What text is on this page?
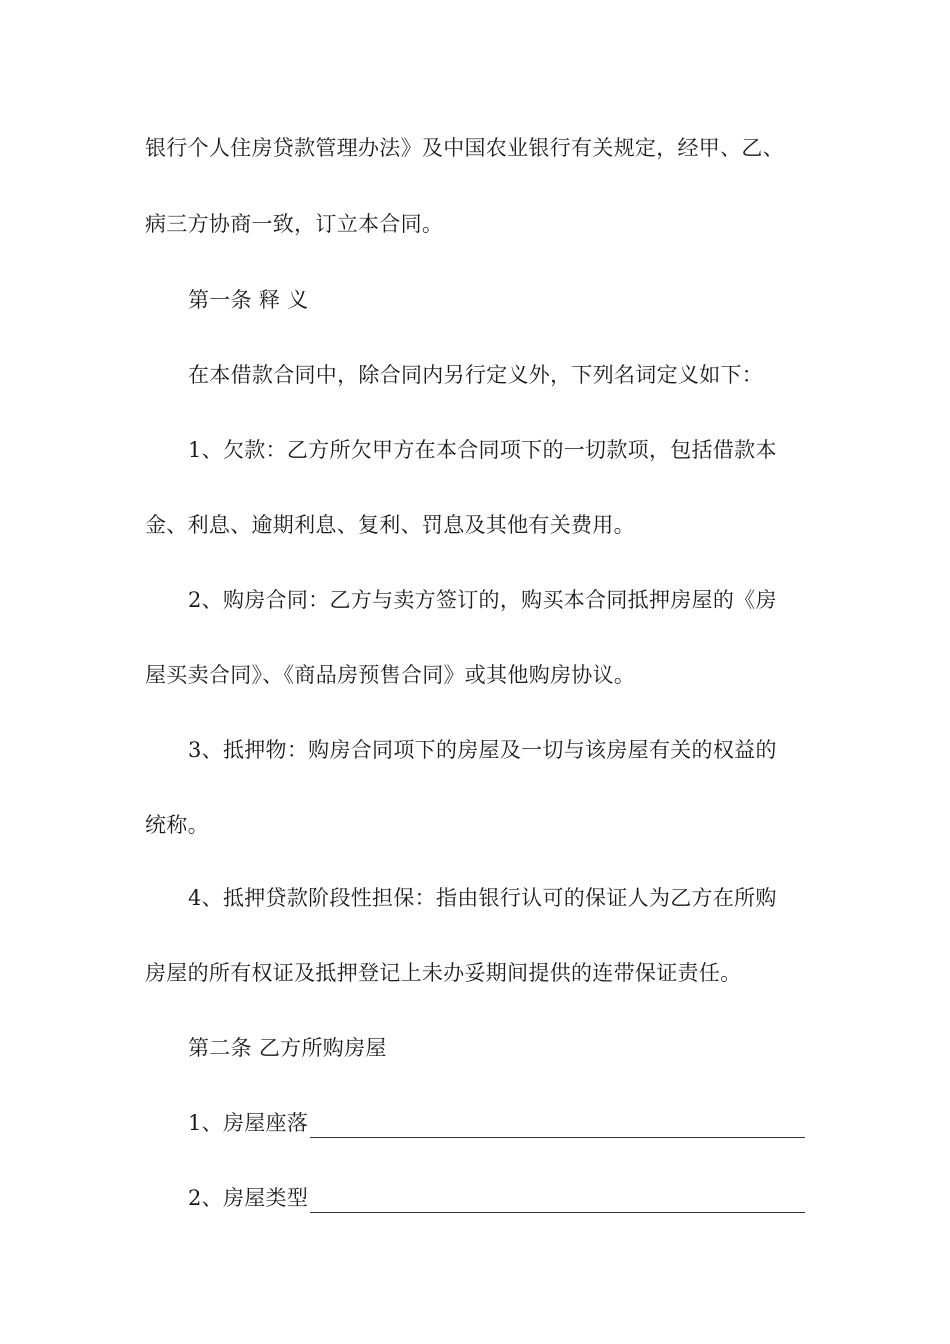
银行个人住房贷款管理办法》及中国农业银行有关规定，经甲、乙、
病三方协商一致，订立本合同。
第一条 释 义
在本借款合同中，除合同内另行定义外，下列名词定义如下：
1、欠款：乙方所欠甲方在本合同项下的一切款项，包括借款本
金、利息、逾期利息、复利、罚息及其他有关费用。
2、购房合同：乙方与卖方签订的，购买本合同抵押房屋的《房
屋买卖合同》、《商品房预售合同》或其他购房协议。
3、抵押物：购房合同项下的房屋及一切与该房屋有关的权益的
统称。
4、抵押贷款阶段性担保：指由银行认可的保证人为乙方在所购
房屋的所有权证及抵押登记上未办妥期间提供的连带保证责任。
第二条 乙方所购房屋
1、房屋座落
2、房屋类型
